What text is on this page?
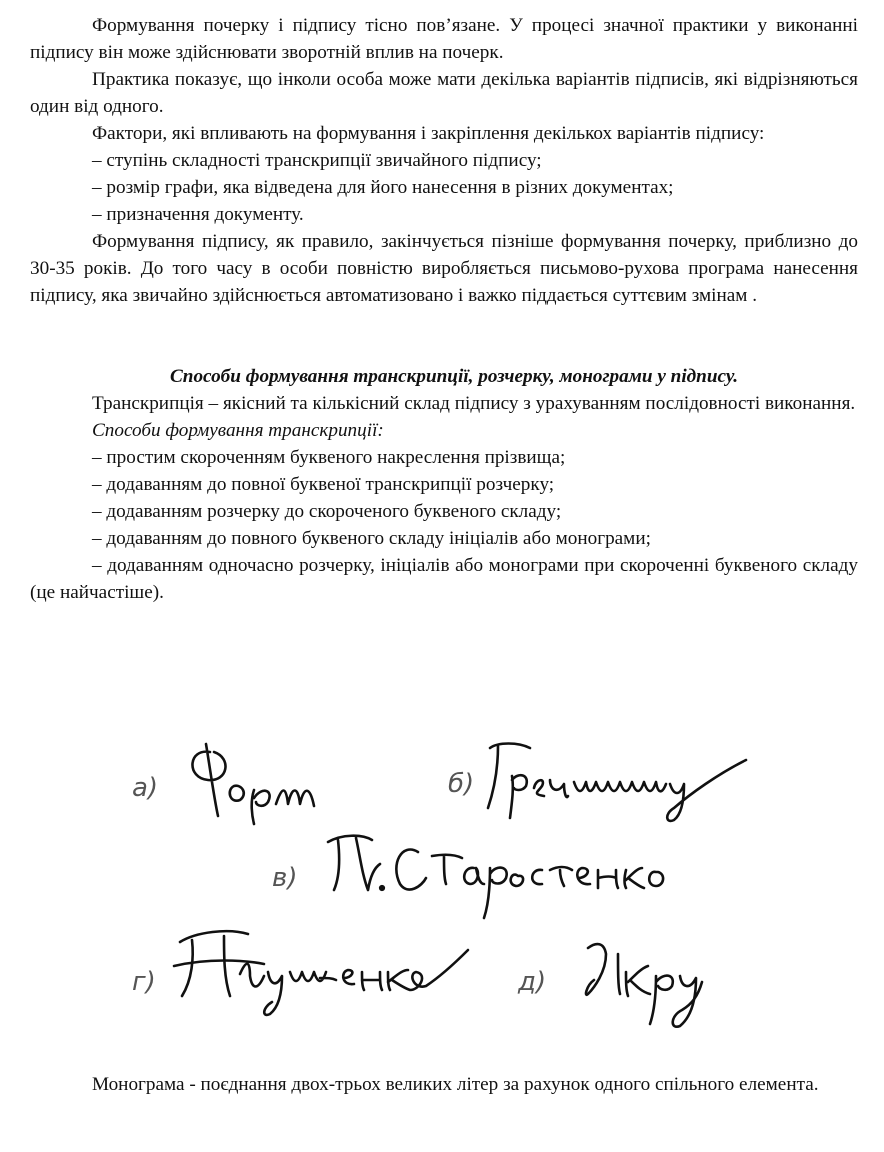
Формування почерку і підпису тісно пов’язане. У процесі значної практики у виконанні підпису він може здійснювати зворотній вплив на почерк.

Практика показує, що інколи особа може мати декілька варіантів підписів, які відрізняються один від одного.

Фактори, які впливають на формування і закріплення декількох варіантів підпису:

– ступінь складності транскрипції звичайного підпису;

– розмір графи, яка відведена для його нанесення в різних документах;

– призначення документу.

Формування підпису, як правило, закінчується пізніше формування почерку, приблизно до 30-35 років. До того часу в особи повністю виробляється письмово-рухова програма нанесення підпису, яка звичайно здійснюється автоматизовано і важко піддається суттєвим змінам .

Способи формування транскрипції, розчерку, монограми у підпису.

Транскрипція – якісний та кількісний склад підпису з урахуванням послідовності виконання.

Способи формування транскрипції:

– простим скороченням буквеного накреслення прізвища;

– додаванням до повної буквеної транскрипції розчерку;

– додаванням розчерку до скороченого буквеного складу;

– додаванням до повного буквеного складу ініціалів або монограми;

– додаванням одночасно розчерку, ініціалів або монограми при скороченні буквеного складу (це найчастіше).

а)	б)
в)
г)	д)

Монограма - поєднання двох-трьох великих літер за рахунок одного спільного елемента.
